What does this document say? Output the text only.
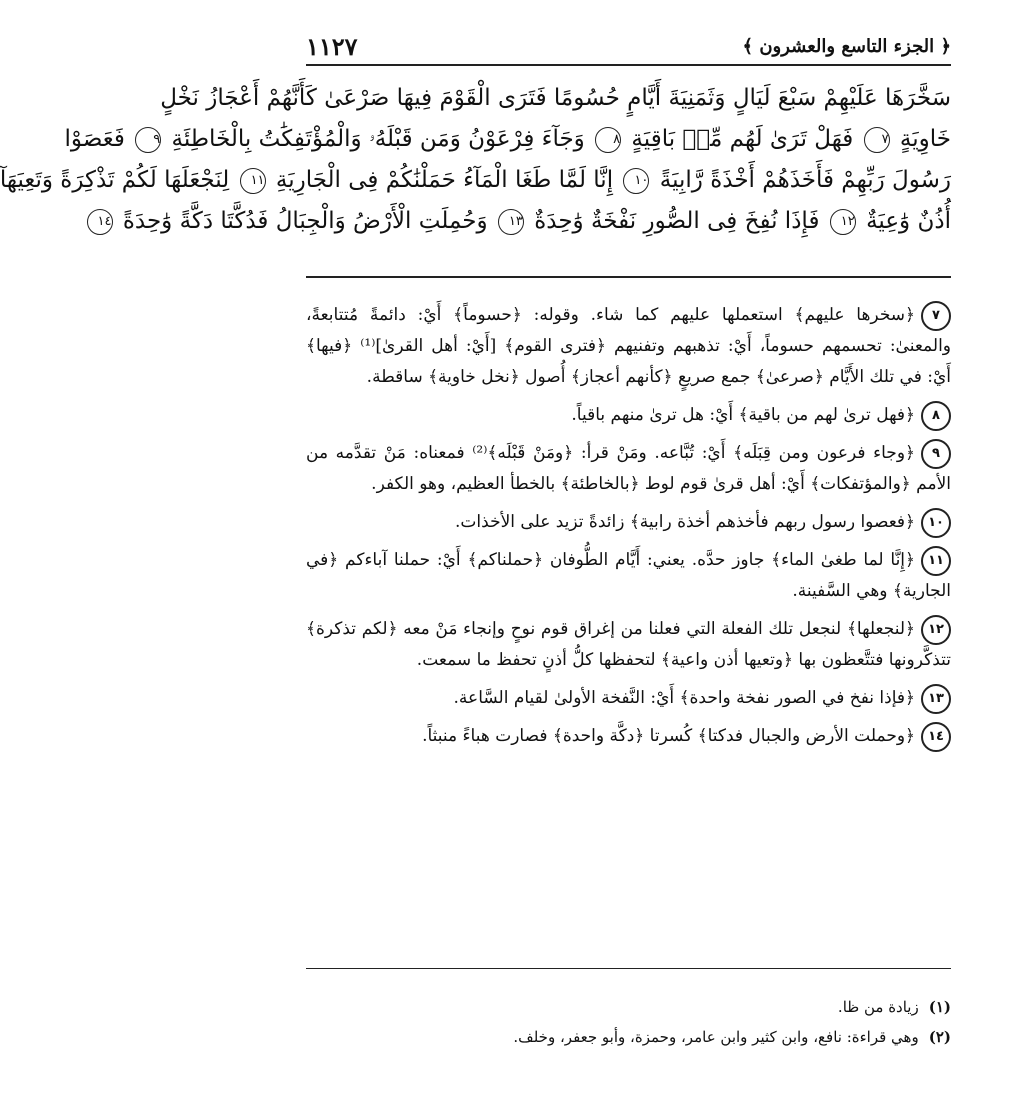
١١٢٧	﴿ الجزء التاسع والعشرون ﴾
سَخَّرَهَا عَلَيْهِمْ سَبْعَ لَيَالٍ وَثَمَنِيَةَ أَيَّامٍ حُسُومًا فَتَرَى الْقَوْمَ فِيهَا صَرْعَىٰ كَأَنَّهُمْ أَعْجَازُ نَخْلٍ
خَاوِيَةٍ ٧ فَهَلْ تَرَىٰ لَهُم مِّنۢ بَاقِيَةٍ ٨ وَجَآءَ فِرْعَوْنُ وَمَن قَبْلَهُۥ وَالْمُؤْتَفِكَٰتُ بِالْخَاطِئَةِ ٩ فَعَصَوْا
رَسُولَ رَبِّهِمْ فَأَخَذَهُمْ أَخْذَةً رَّابِيَةً ١٠ إِنَّا لَمَّا طَغَا الْمَآءُ حَمَلْنَٰكُمْ فِى الْجَارِيَةِ ١١ لِنَجْعَلَهَا لَكُمْ تَذْكِرَةً وَتَعِيَهَآ
أُذُنٌ وَٰعِيَةٌ ١٢ فَإِذَا نُفِخَ فِى الصُّورِ نَفْخَةٌ وَٰحِدَةٌ ١٣ وَحُمِلَتِ الْأَرْضُ وَالْجِبَالُ فَدُكَّتَا دَكَّةً وَٰحِدَةً ١٤

٧﴿سخرها عليهم﴾ استعملها عليهم كما شاء. وقوله: ﴿حسوماً﴾ أَيْ: دائمةً مُتتابعةً، والمعنىٰ: تحسمهم حسوماً، أَيْ: تذهبهم وتفنيهم ﴿فترى القوم﴾ [أَيْ: أهل القرىٰ]⁽¹⁾ ﴿فيها﴾ أَيْ: في تلك الأَيَّام ﴿صرعىٰ﴾ جمع صريعٍ ﴿كأنهم أعجاز﴾ أُصول ﴿نخل خاوية﴾ ساقطة.

٨﴿فهل ترىٰ لهم من باقية﴾ أَيْ: هل ترىٰ منهم باقياً.

٩﴿وجاء فرعون ومن قِبَلَه﴾ أَيْ: تُبَّاعه. ومَنْ قرأ: ﴿ومَنْ قَبْلَه﴾⁽²⁾ فمعناه: مَنْ تقدَّمه من الأمم ﴿والمؤتفكات﴾ أَيْ: أهل قرىٰ قوم لوط ﴿بالخاطئة﴾ بالخطأ العظيم، وهو الكفر.

١٠﴿فعصوا رسول ربهم فأخذهم أخذة رابية﴾ زائدةً تزيد على الأخذات.

١١﴿إِنَّا لما طغىٰ الماء﴾ جاوز حدَّه. يعني: أَيَّام الطُّوفان ﴿حملناكم﴾ أَيْ: حملنا آباءكم ﴿في الجارية﴾ وهي السَّفينة.

١٢﴿لنجعلها﴾ لنجعل تلك الفعلة التي فعلنا من إغراق قوم نوحٍ وإنجاء مَنْ معه ﴿لكم تذكرة﴾ تتذكَّرونها فتتَّعظون بها ﴿وتعيها أذن واعية﴾ لتحفظها كلُّ أذنٍ تحفظ ما سمعت.

١٣﴿فإذا نفخ في الصور نفخة واحدة﴾ أَيْ: النَّفخة الأولىٰ لقيام السَّاعة.

١٤﴿وحملت الأرض والجبال فدكتا﴾ كُسرتا ﴿دكَّة واحدة﴾ فصارت هباءً منبثاً.

(١)زيادة من ظا.
(٢)وهي قراءة: نافع، وابن كثير وابن عامر، وحمزة، وأبو جعفر، وخلف.
